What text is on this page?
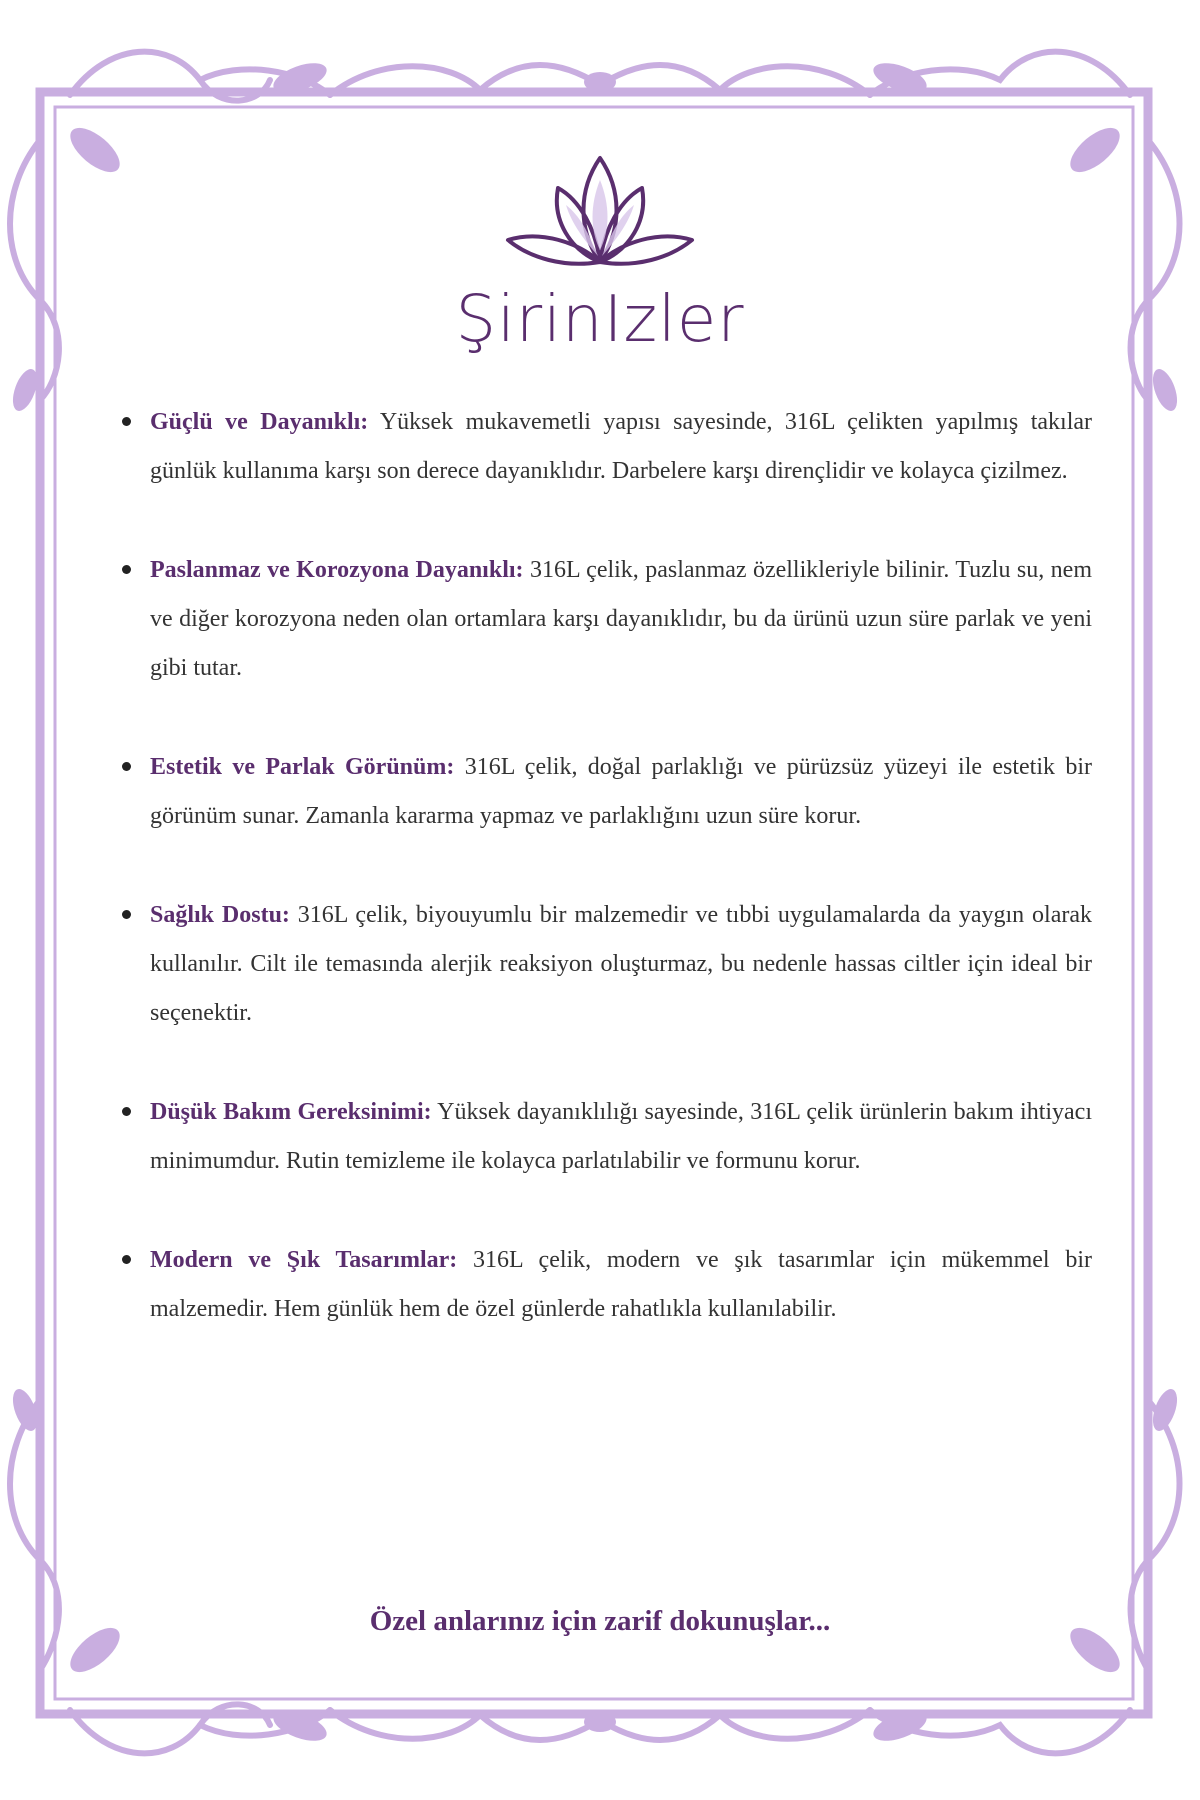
ŞirinIzler
Güçlü ve Dayanıklı: Yüksek mukavemetli yapısı sayesinde, 316L çelikten yapılmış takılar günlük kullanıma karşı son derece dayanıklıdır. Darbelere karşı dirençlidir ve kolayca çizilmez.
Paslanmaz ve Korozyona Dayanıklı: 316L çelik, paslanmaz özellikleriyle bilinir. Tuzlu su, nem ve diğer korozyona neden olan ortamlara karşı dayanıklıdır, bu da ürünü uzun süre parlak ve yeni gibi tutar.
Estetik ve Parlak Görünüm: 316L çelik, doğal parlaklığı ve pürüzsüz yüzeyi ile estetik bir görünüm sunar. Zamanla kararma yapmaz ve parlaklığını uzun süre korur.
Sağlık Dostu: 316L çelik, biyouyumlu bir malzemedir ve tıbbi uygulamalarda da yaygın olarak kullanılır. Cilt ile temasında alerjik reaksiyon oluşturmaz, bu nedenle hassas ciltler için ideal bir seçenektir.
Düşük Bakım Gereksinimi: Yüksek dayanıklılığı sayesinde, 316L çelik ürünlerin bakım ihtiyacı minimumdur. Rutin temizleme ile kolayca parlatılabilir ve formunu korur.
Modern ve Şık Tasarımlar: 316L çelik, modern ve şık tasarımlar için mükemmel bir malzemedir. Hem günlük hem de özel günlerde rahatlıkla kullanılabilir.
Özel anlarınız için zarif dokunuşlar...
